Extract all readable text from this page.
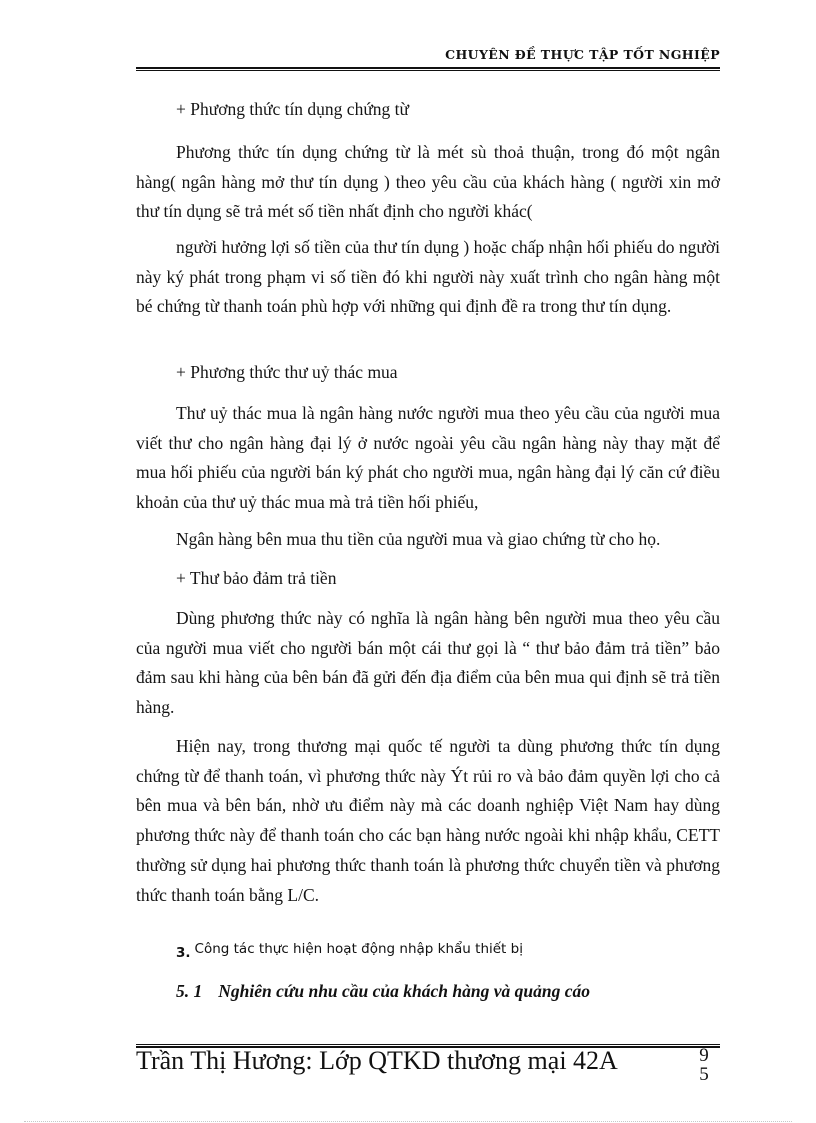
CHUYÊN ĐỀ THỰC TẬP TỐT NGHIỆP
+ Phương thức tín dụng chứng từ
Phương thức tín dụng chứng từ là mét sù thoả thuận, trong đó một ngân hàng( ngân hàng mở thư tín dụng ) theo yêu cầu của khách hàng ( người xin mở thư tín dụng sẽ trả mét số tiền nhất định cho người khác(
người hưởng lợi số tiền của thư tín dụng ) hoặc chấp nhận hối phiếu do người này ký phát trong phạm vi số tiền đó khi người này xuất trình cho ngân hàng một bé chứng từ thanh toán phù hợp với những qui định đề ra trong thư tín dụng.
+ Phương thức thư uỷ thác mua
Thư uỷ thác mua là ngân hàng nước người mua theo yêu cầu của người mua viết thư cho ngân hàng đại lý ở nước ngoài yêu cầu ngân hàng này thay mặt để mua hối phiếu của người bán ký phát cho người mua, ngân hàng đại lý căn cứ điều khoản của thư uỷ thác mua mà trả tiền hối phiếu,
Ngân hàng bên mua thu tiền của người mua và giao chứng từ cho họ.
+ Thư bảo đảm trả tiền
Dùng phương thức này có nghĩa là ngân hàng bên người mua theo yêu cầu của người mua viết cho người bán một cái thư gọi là “ thư bảo đảm trả tiền” bảo đảm sau khi hàng của bên bán đã gửi đến địa điểm của bên mua qui định sẽ trả tiền hàng.
Hiện nay, trong thương mại quốc tế người ta dùng phương thức tín dụng chứng từ để thanh toán, vì phương thức này Ýt rủi ro và bảo đảm quyền lợi cho cả bên mua và bên bán, nhờ ưu điểm này mà các doanh nghiệp Việt Nam hay dùng phương thức này để thanh toán cho các bạn hàng nước ngoài khi nhập khẩu, CETT thường sử dụng hai phương thức thanh toán là phương thức chuyển tiền và phương thức thanh toán bằng L/C.
3. Công tác thực hiện hoạt động nhập khẩu thiết bị
5. 1 Nghiên cứu nhu cầu của khách hàng và quảng cáo
Trần Thị Hương: Lớp QTKD thương mại 42A	9
5
